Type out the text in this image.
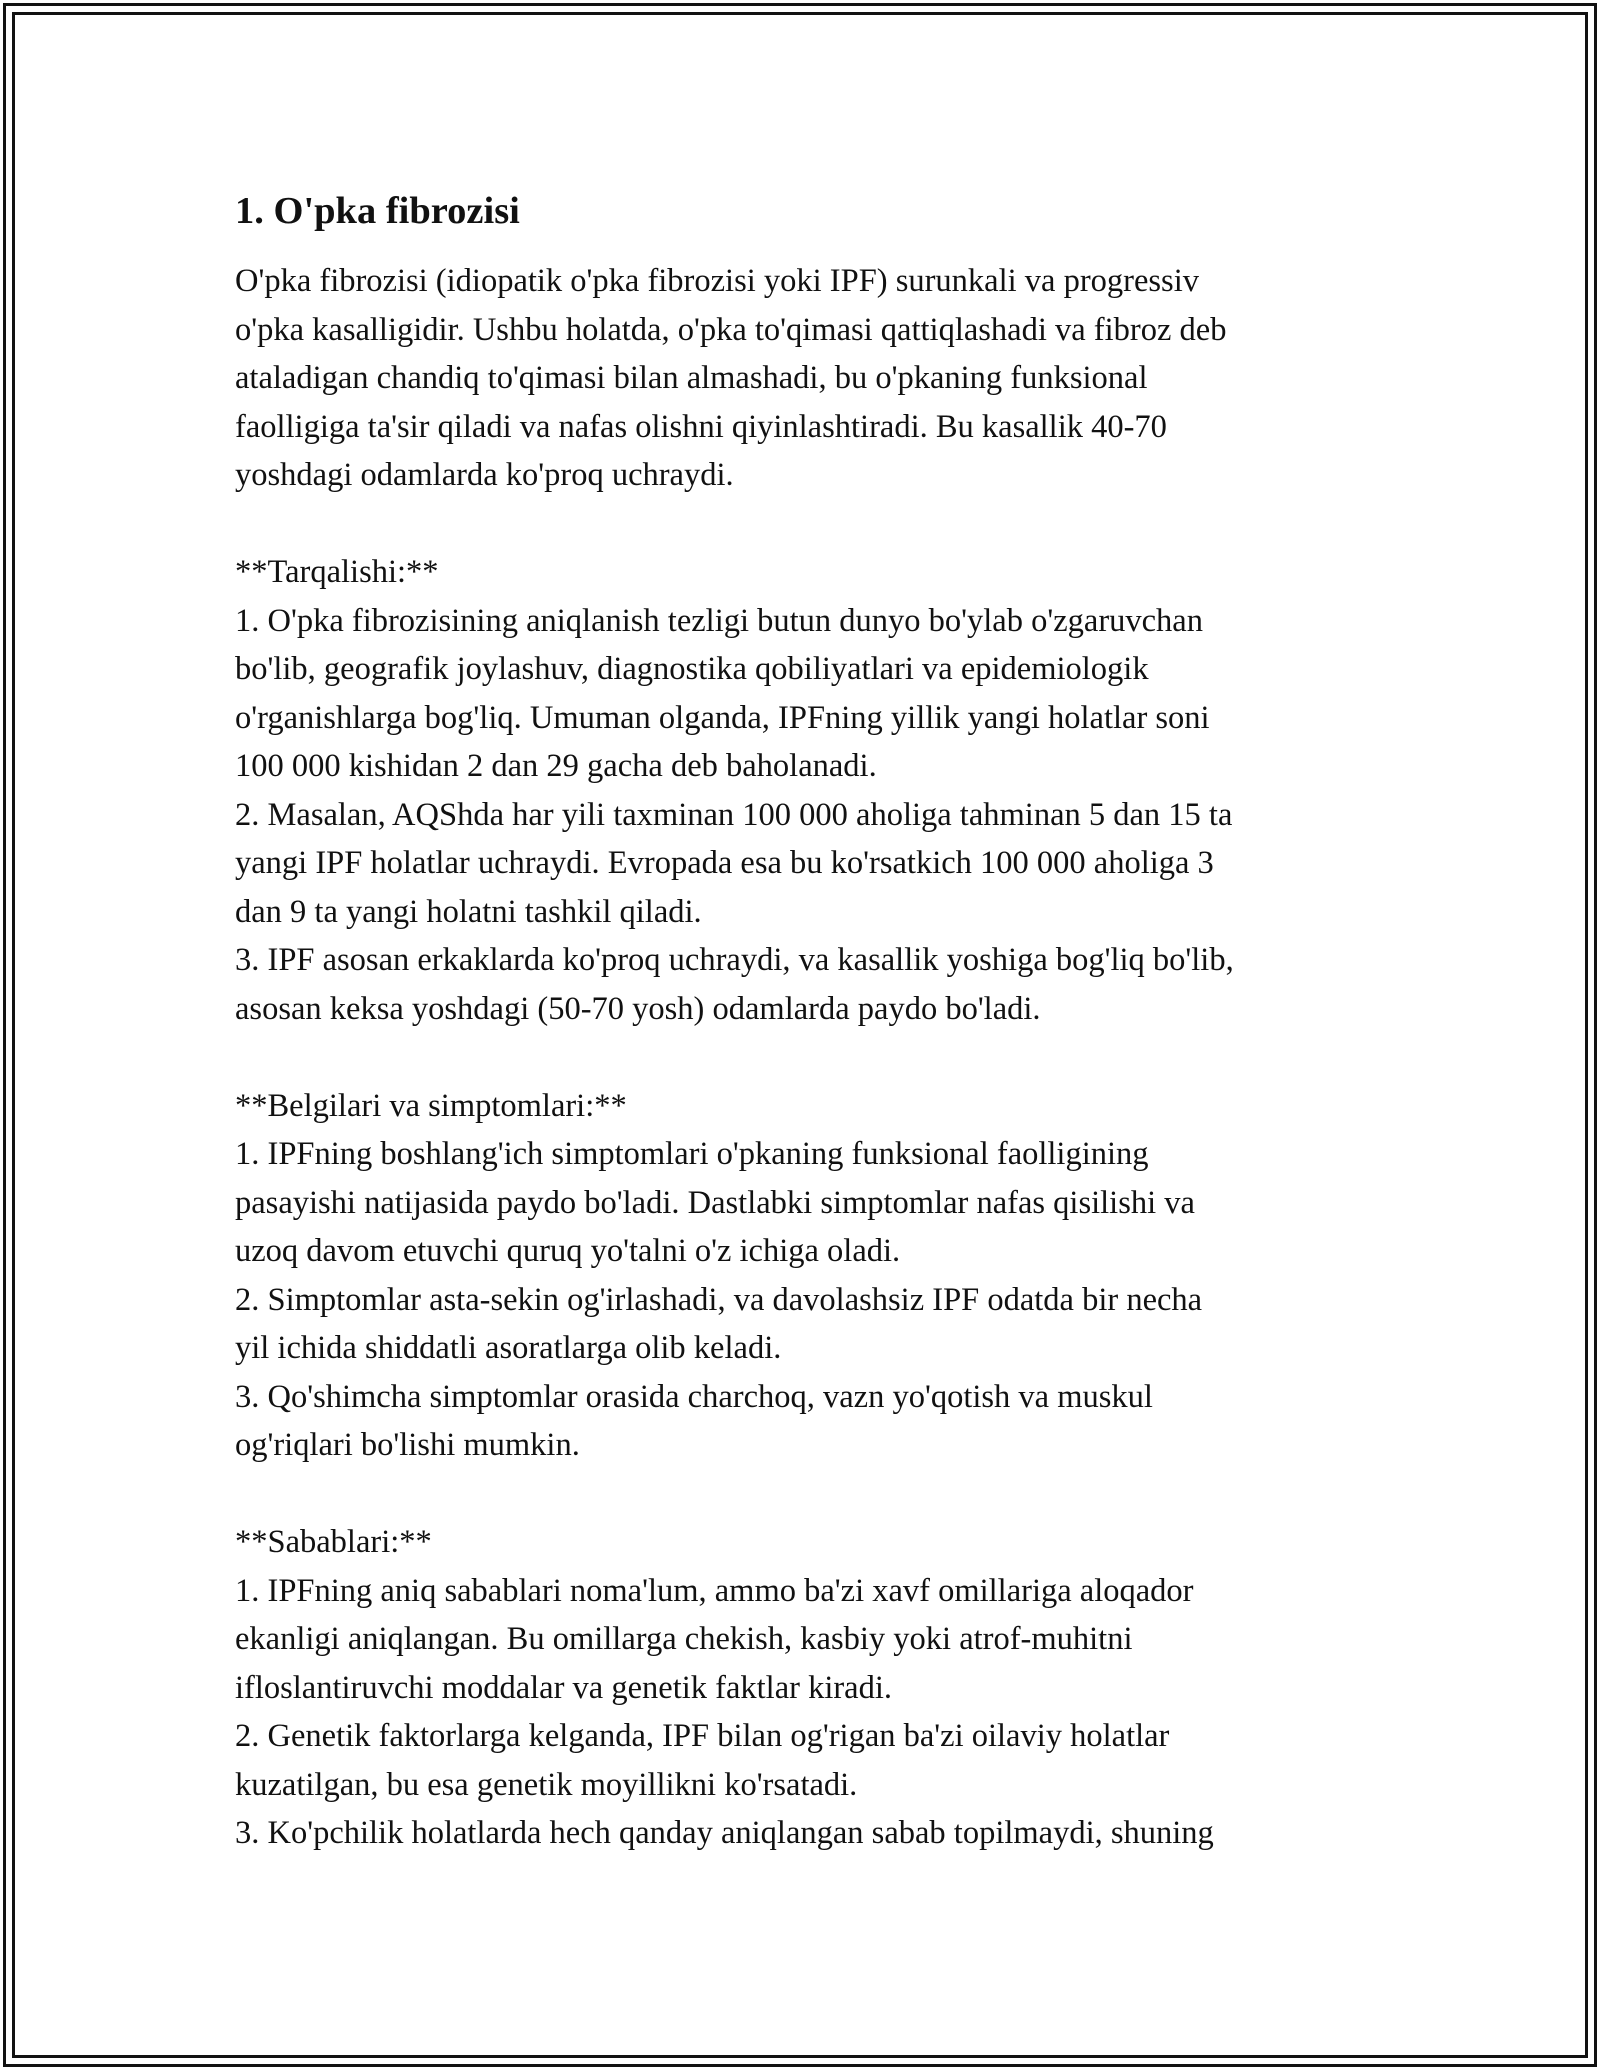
1. O'pka fibrozisi

O'pka fibrozisi (idiopatik o'pka fibrozisi yoki IPF) surunkali va progressiv
o'pka kasalligidir. Ushbu holatda, o'pka to'qimasi qattiqlashadi va fibroz deb
ataladigan chandiq to'qimasi bilan almashadi, bu o'pkaning funksional
faolligiga ta'sir qiladi va nafas olishni qiyinlashtiradi. Bu kasallik 40-70
yoshdagi odamlarda ko'proq uchraydi.

**Tarqalishi:**

1. O'pka fibrozisining aniqlanish tezligi butun dunyo bo'ylab o'zgaruvchan
bo'lib, geografik joylashuv, diagnostika qobiliyatlari va epidemiologik
o'rganishlarga bog'liq. Umuman olganda, IPFning yillik yangi holatlar soni
100 000 kishidan 2 dan 29 gacha deb baholanadi.

2. Masalan, AQShda har yili taxminan 100 000 aholiga tahminan 5 dan 15 ta
yangi IPF holatlar uchraydi. Evropada esa bu ko'rsatkich 100 000 aholiga 3
dan 9 ta yangi holatni tashkil qiladi.

3. IPF asosan erkaklarda ko'proq uchraydi, va kasallik yoshiga bog'liq bo'lib,
asosan keksa yoshdagi (50-70 yosh) odamlarda paydo bo'ladi.

**Belgilari va simptomlari:**

1. IPFning boshlang'ich simptomlari o'pkaning funksional faolligining
pasayishi natijasida paydo bo'ladi. Dastlabki simptomlar nafas qisilishi va
uzoq davom etuvchi quruq yo'talni o'z ichiga oladi.

2. Simptomlar asta-sekin og'irlashadi, va davolashsiz IPF odatda bir necha
yil ichida shiddatli asoratlarga olib keladi.

3. Qo'shimcha simptomlar orasida charchoq, vazn yo'qotish va muskul
og'riqlari bo'lishi mumkin.

**Sabablari:**

1. IPFning aniq sabablari noma'lum, ammo ba'zi xavf omillariga aloqador
ekanligi aniqlangan. Bu omillarga chekish, kasbiy yoki atrof-muhitni
ifloslantiruvchi moddalar va genetik faktlar kiradi.

2. Genetik faktorlarga kelganda, IPF bilan og'rigan ba'zi oilaviy holatlar
kuzatilgan, bu esa genetik moyillikni ko'rsatadi.

3. Ko'pchilik holatlarda hech qanday aniqlangan sabab topilmaydi, shuning
